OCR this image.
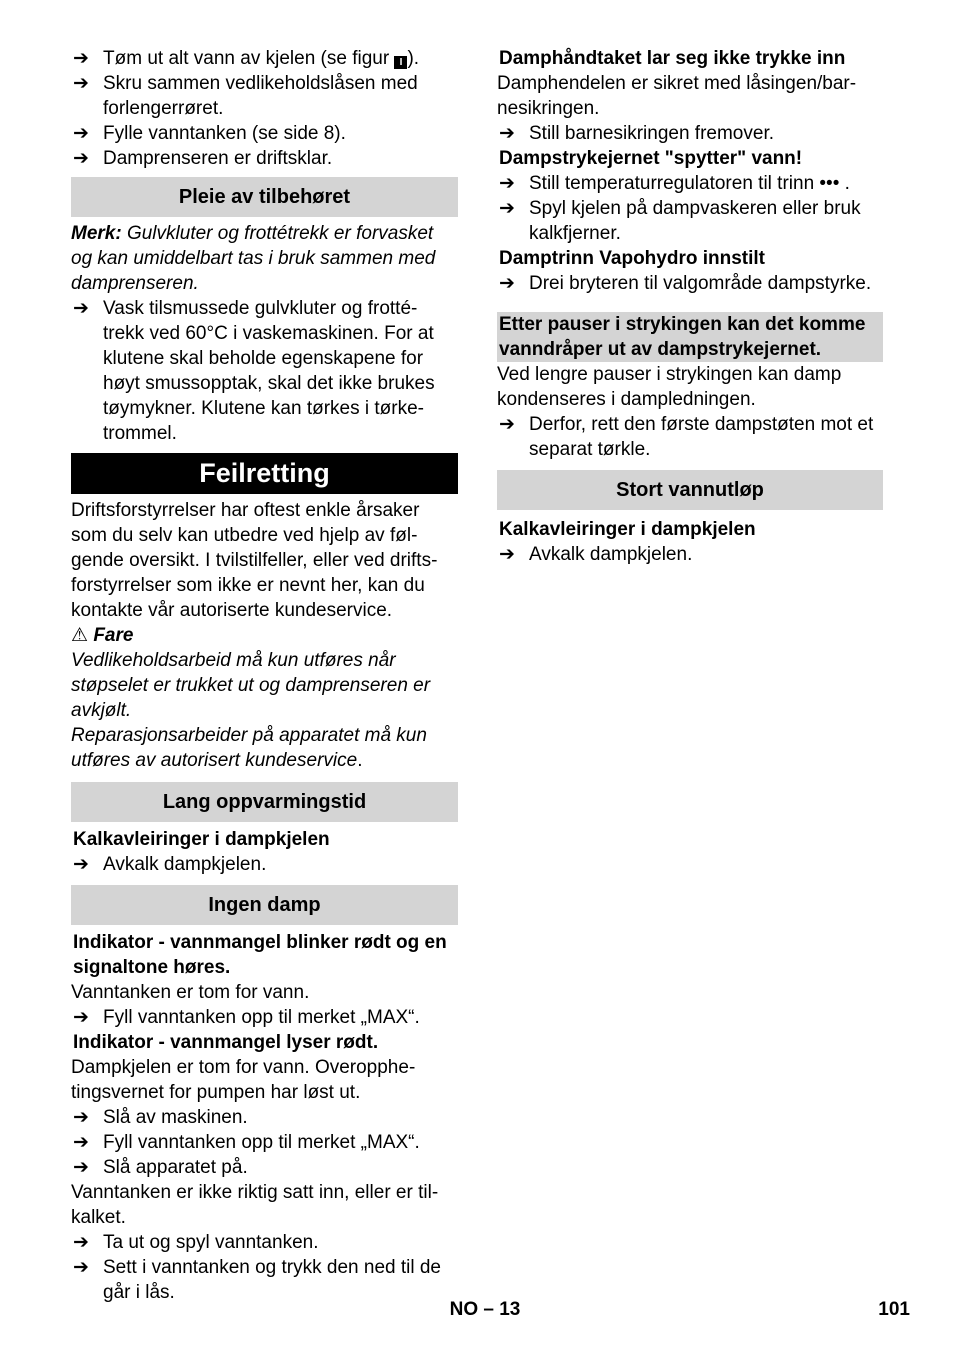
➔ Tøm ut alt vann av kjelen (se figur I ).
➔ Skru sammen vedlikeholdslåsen med forlengerrøret.
➔ Fylle vanntanken (se side 8).
➔ Damprenseren er driftsklar.
Pleie av tilbehøret
Merk: Gulvkluter og frottétrekk er forvasket og kan umiddelbart tas i bruk sammen med damprenseren.
➔ Vask tilsmussede gulvkluter og frotté-trekk ved 60°C i vaskemaskinen. For at klutene skal beholde egenskapene for høyt smussopptak, skal det ikke brukes tøymykner. Klutene kan tørkes i tørke-trommel.
Feilretting
Driftsforstyrrelser har oftest enkle årsaker som du selv kan utbedre ved hjelp av føl-gende oversikt. I tvilstilfeller, eller ved drifts-forstyrrelser som ikke er nevnt her, kan du kontakte vår autoriserte kundeservice.
⚠ Fare
Vedlikeholdsarbeid må kun utføres når støpselet er trukket ut og damprenseren er avkjølt.
Reparasjonsarbeider på apparatet må kun utføres av autorisert kundeservice.
Lang oppvarmingstid
Kalkavleiringer i dampkjelen
➔ Avkalk dampkjelen.
Ingen damp
Indikator - vannmangel blinker rødt og en signaltone høres.
Vanntanken er tom for vann.
➔ Fyll vanntanken opp til merket „MAX“.
Indikator - vannmangel lyser rødt.
Dampkjelen er tom for vann. Overopphe-tingsvernet for pumpen har løst ut.
➔ Slå av maskinen.
➔ Fyll vanntanken opp til merket „MAX“.
➔ Slå apparatet på.
Vanntanken er ikke riktig satt inn, eller er til-kalket.
➔ Ta ut og spyl vanntanken.
➔ Sett i vanntanken og trykk den ned til de går i lås.
Damphåndtaket lar seg ikke trykke inn
Damphendelen er sikret med låsingen/bar-nesikringen.
➔ Still barnesikringen fremover.
Dampstrykejernet "spytter" vann!
➔ Still temperaturregulatoren til trinn ••• .
➔ Spyl kjelen på dampvaskeren eller bruk kalkfjerner.
Damptrinn Vapohydro innstilt
➔ Drei bryteren til valgområde dampstyrke.
Etter pauser i strykingen kan det komme vanndråper ut av dampstrykejernet.
Ved lengre pauser i strykingen kan damp kondenseres i dampledningen.
➔ Derfor, rett den første dampstøten mot et separat tørkle.
Stort vannutløp
Kalkavleiringer i dampkjelen
➔ Avkalk dampkjelen.
NO – 13	101
